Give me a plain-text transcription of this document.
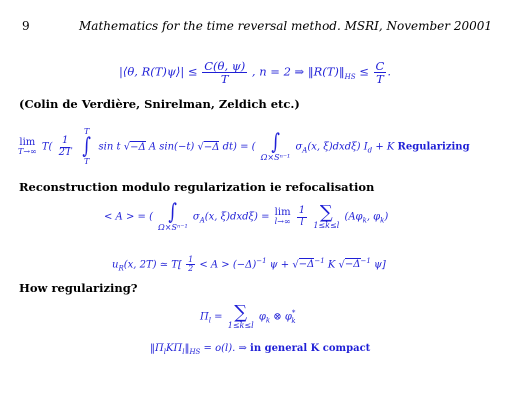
9	Mathematics for the time reversal method. MSRI, November 20001
|⟨θ, R(T)ψ⟩| ≤ $\frac{C(\theta, \psi)}{T}$ , n = 2 ⇒ $‖R(T)‖_{HS} \le \frac{C}{T}$ .
(Colin de Verdière, Snirelman, Zeldich etc.)
lim
T→∞ $T( \frac{1}{2T}$

T
∫
T
sin t √−Δ A sin(−t) √−Δ dt) = ( ∫
Ω×Sⁿ⁻¹
$\sigma_A(x$, ξ)dxdξ) $I_d + K$ Regularizing
Reconstruction modulo regularization ie refocalisation
< A > = ( ∫
Ω×Sⁿ⁻¹
$\sigma_A(x$, ξ)dxdξ) = lim
l→∞
$\frac{1}{l}$
∑
1≤k≤l
($A\varphi_k$, $\varphi_k$)
$u_R(x$, 2T) ≃ $T[ \frac{1}{2} < A > (-\Delta)^{-1}$ $\psi + √-\Delta^{-1}$ K $√-\Delta^{-1}$ ψ]
How regularizing?
$\Pi_l$ = ∑
1≤k≤l
$\varphi_k$ ⊗ $\varphi^*_k$
$‖\Pi_lK\Pi_l‖_{HS} = o(l)$. ⇒ in general K compact
